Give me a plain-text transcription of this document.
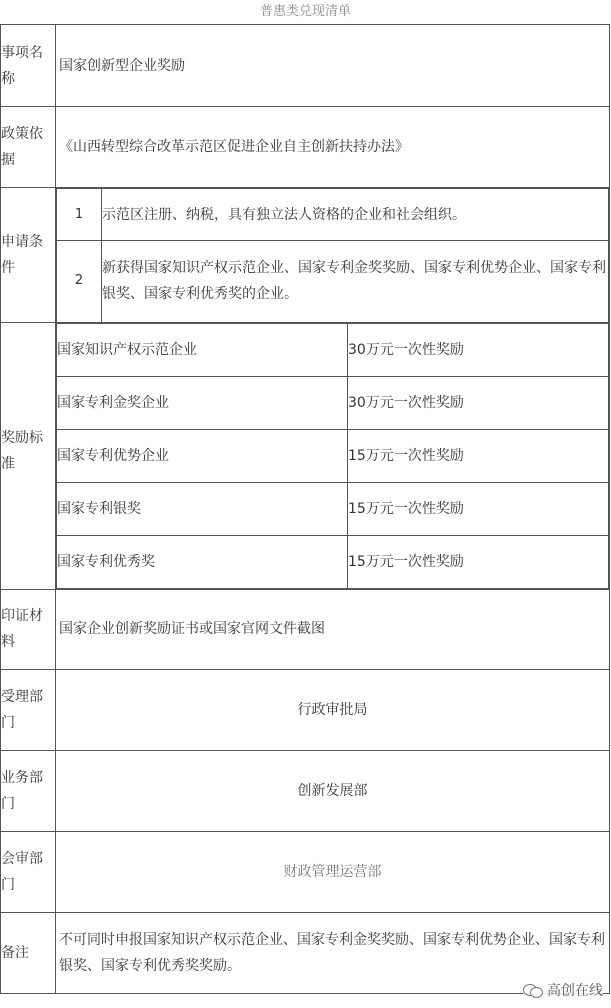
普惠类兑现清单
事项名称	国家创新型企业奖励
政策依据	《山西转型综合改革示范区促进企业自主创新扶持办法》
申请条件	
1	示范区注册、纳税，具有独立法人资格的企业和社会组织。
2	新获得国家知识产权示范企业、国家专利金奖奖励、国家专利优势企业、国家专利银奖、国家专利优秀奖的企业。

奖励标准	
国家知识产权示范企业	30万元一次性奖励
国家专利金奖企业	30万元一次性奖励
国家专利优势企业	15万元一次性奖励
国家专利银奖	15万元一次性奖励
国家专利优秀奖	15万元一次性奖励

印证材料	国家企业创新奖励证书或国家官网文件截图
受理部门	行政审批局
业务部门	创新发展部
会审部门	财政管理运营部
备注	不可同时申报国家知识产权示范企业、国家专利金奖奖励、国家专利优势企业、国家专利银奖、国家专利优秀奖奖励。
高创在线
